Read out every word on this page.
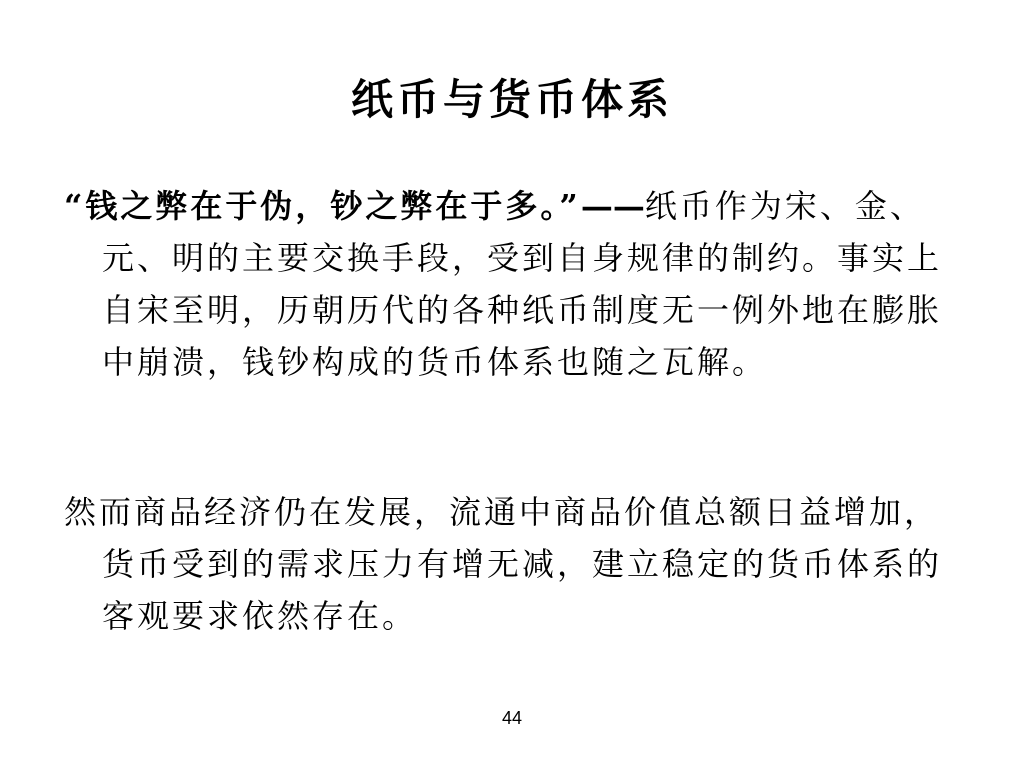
纸币与货币体系
“钱之弊在于伪，钞之弊在于多。”——纸币作为宋、金、元、明的主要交换手段，受到自身规律的制约。事实上自宋至明，历朝历代的各种纸币制度无一例外地在膨胀中崩溃，钱钞构成的货币体系也随之瓦解。
然而商品经济仍在发展，流通中商品价值总额日益增加，货币受到的需求压力有增无减，建立稳定的货币体系的客观要求依然存在。
44
